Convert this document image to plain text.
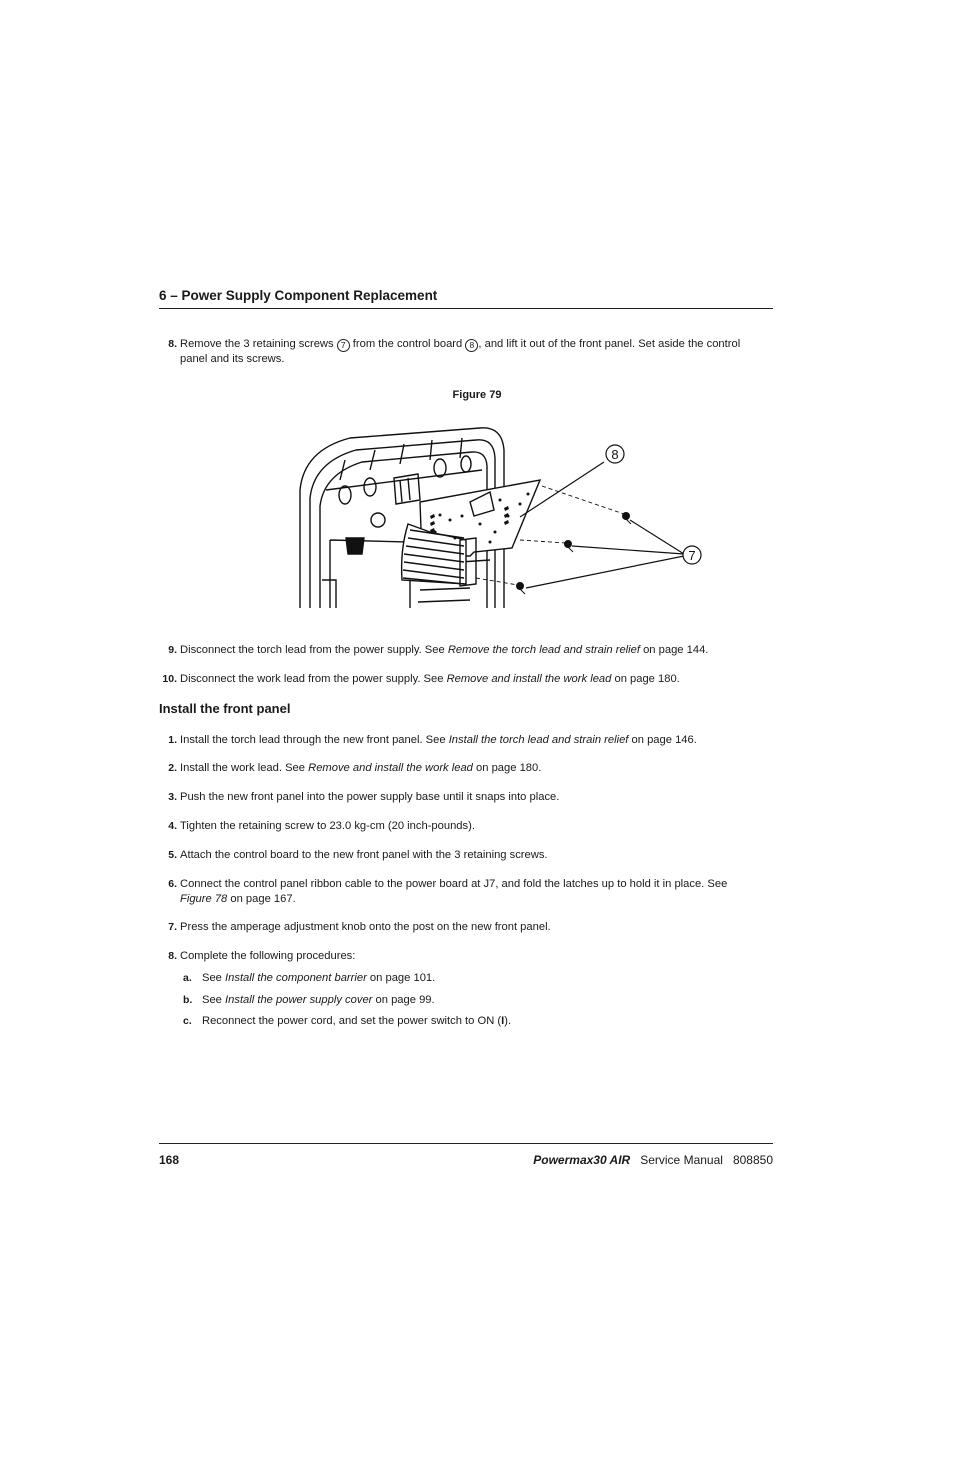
6 – Power Supply Component Replacement
8. Remove the 3 retaining screws 7 from the control board 8 , and lift it out of the front panel. Set aside the control
panel and its screws.
Figure 79
8
7
9. Disconnect the torch lead from the power supply. See Remove the torch lead and strain relief on page 144.
10. Disconnect the work lead from the power supply. See Remove and install the work lead on page 180.
Install the front panel
1. Install the torch lead through the new front panel. See Install the torch lead and strain relief on page 146.
2. Install the work lead. See Remove and install the work lead on page 180.
3. Push the new front panel into the power supply base until it snaps into place.
4. Tighten the retaining screw to 23.0 kg-cm (20 inch-pounds).
5. Attach the control board to the new front panel with the 3 retaining screws.
6. Connect the control panel ribbon cable to the power board at J7, and fold the latches up to hold it in place. See
Figure 78 on page 167.
7. Press the amperage adjustment knob onto the post on the new front panel.
8. Complete the following procedures:
a. See Install the component barrier on page 101.
b. See Install the power supply cover on page 99.
c. Reconnect the power cord, and set the power switch to ON (I).
168	Powermax30 AIR Service Manual 808850
